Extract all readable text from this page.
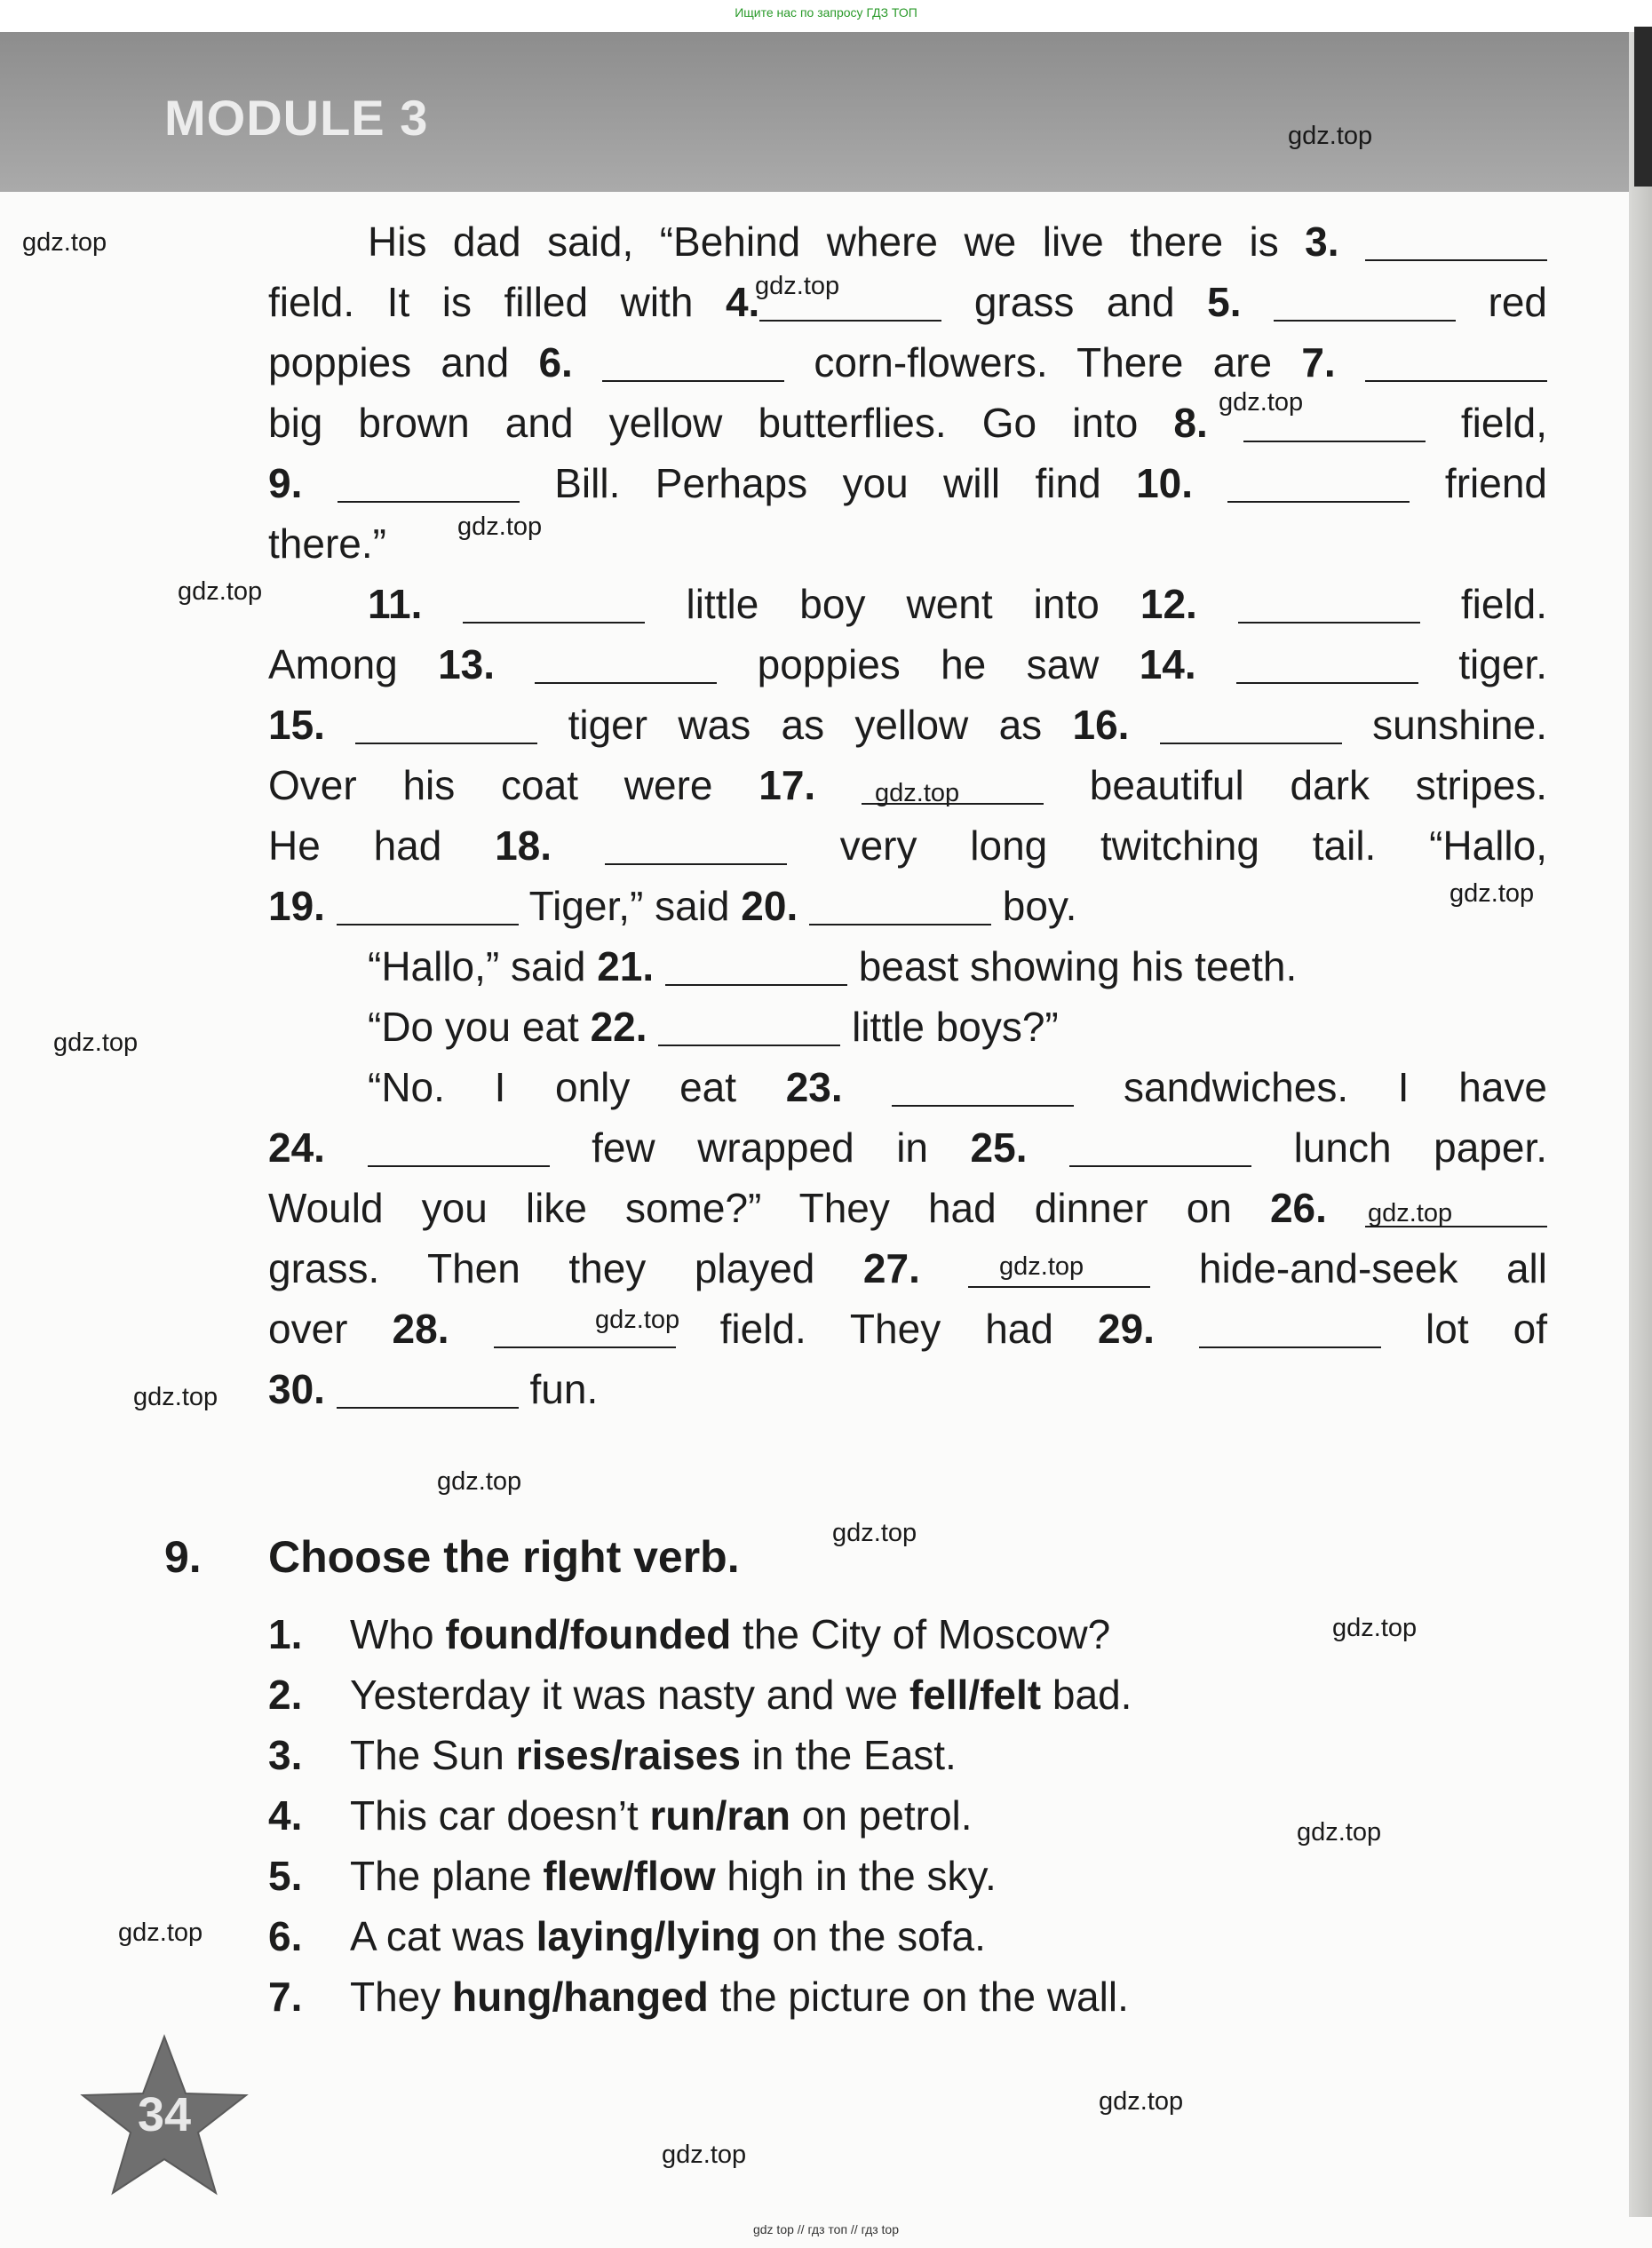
Ищите нас по запросу ГДЗ ТОП
MODULE 3
His dad said, “Behind where we live there is 3.
field. It is filled with 4.	grass and 5.	red
poppies and 6.	corn-flowers. There are 7.
big brown and yellow butterflies. Go into 8.	field,
9.	Bill. Perhaps you will find 10.	friend
there.”
11.	little boy went into 12.	field.
Among 13.	poppies he saw 14.	tiger.
15.	tiger was as yellow as 16.	sunshine.
Over his coat were 17.	beautiful dark stripes.
He had 18.	very long twitching tail. “Hallo,
19.	Tiger,” said 20.	boy.
“Hallo,” said 21.	beast showing his teeth.
“Do you eat 22.	little boys?”
“No. I only eat 23.	sandwiches. I have
24.	few wrapped in 25.	lunch paper.
Would you like some?” They had dinner on 26.
grass. Then they played 27.	hide-and-seek all
over 28.	field. They had 29.	lot of
30.	fun.
9. Choose the right verb.
1. Who found/founded the City of Moscow?
2. Yesterday it was nasty and we fell/felt bad.
3. The Sun rises/raises in the East.
4. This car doesn’t run/ran on petrol.
5. The plane flew/flow high in the sky.
6. A cat was laying/lying on the sofa.
7. They hung/hanged the picture on the wall.
gdz.top
gdz.top
gdz.top
gdz.top
gdz.top
gdz.top
gdz.top
gdz.top
gdz.top
gdz.top
gdz.top
gdz.top
gdz.top
gdz.top
gdz.top
gdz.top
gdz.top
gdz.top
gdz.top
gdz.top
34
gdz top // гдз топ // гдз top
